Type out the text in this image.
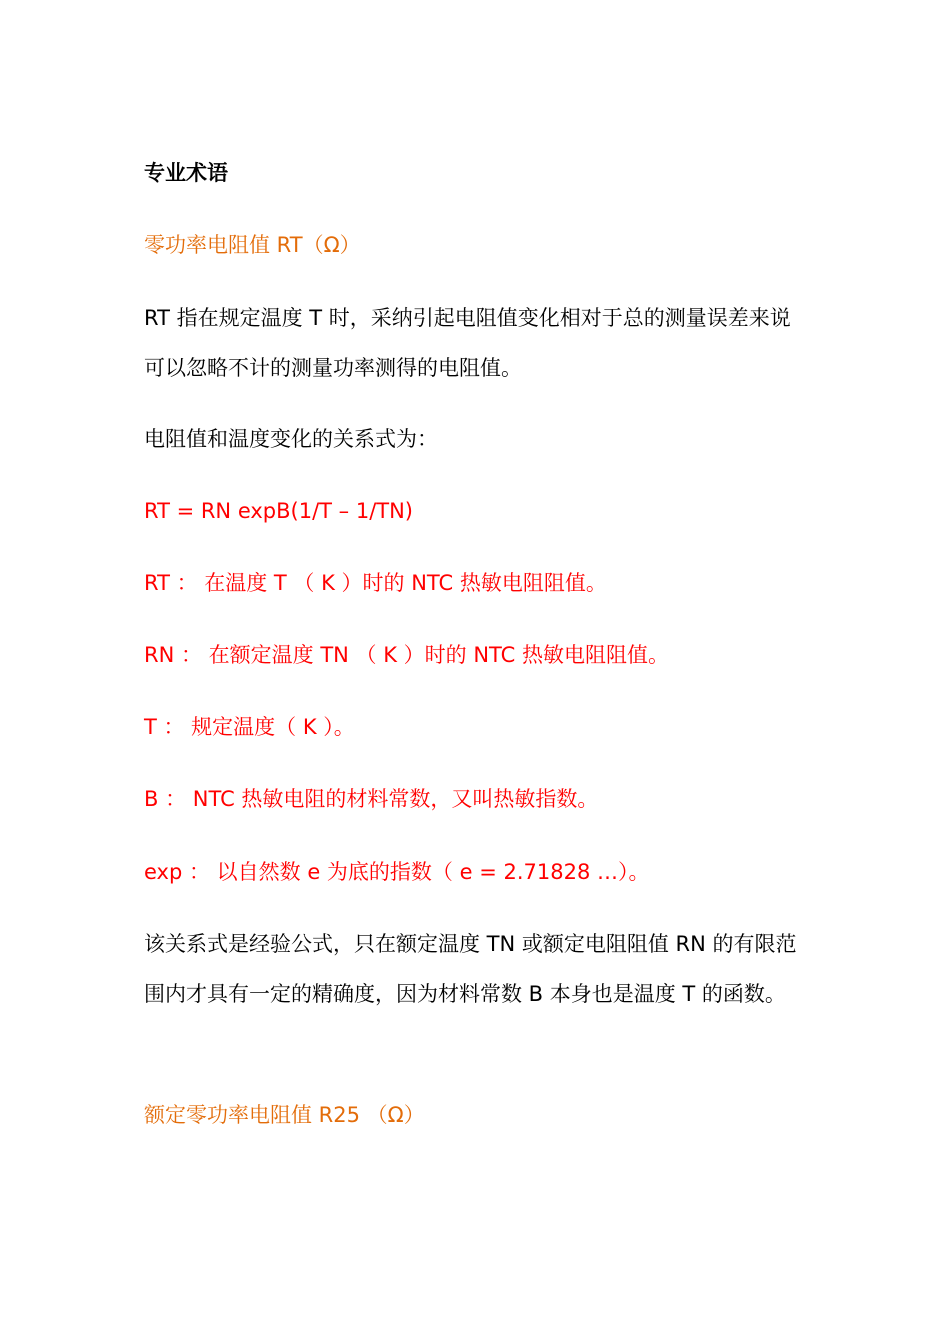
专业术语
零功率电阻值 RT（Ω）
RT 指在规定温度 T 时，采纳引起电阻值变化相对于总的测量误差来说可以忽略不计的测量功率测得的电阻值。
电阻值和温度变化的关系式为：
RT = RN expB(1/T – 1/TN)
RT ： 在温度 T （ K ）时的 NTC 热敏电阻阻值。
RN ： 在额定温度 TN （ K ）时的 NTC 热敏电阻阻值。
T ： 规定温度（ K ）。
B ： NTC 热敏电阻的材料常数，又叫热敏指数。
exp ： 以自然数 e 为底的指数（ e = 2.71828 …）。
该关系式是经验公式，只在额定温度 TN 或额定电阻阻值 RN 的有限范围内才具有一定的精确度，因为材料常数 B 本身也是温度 T 的函数。
额定零功率电阻值 R25 （Ω）
